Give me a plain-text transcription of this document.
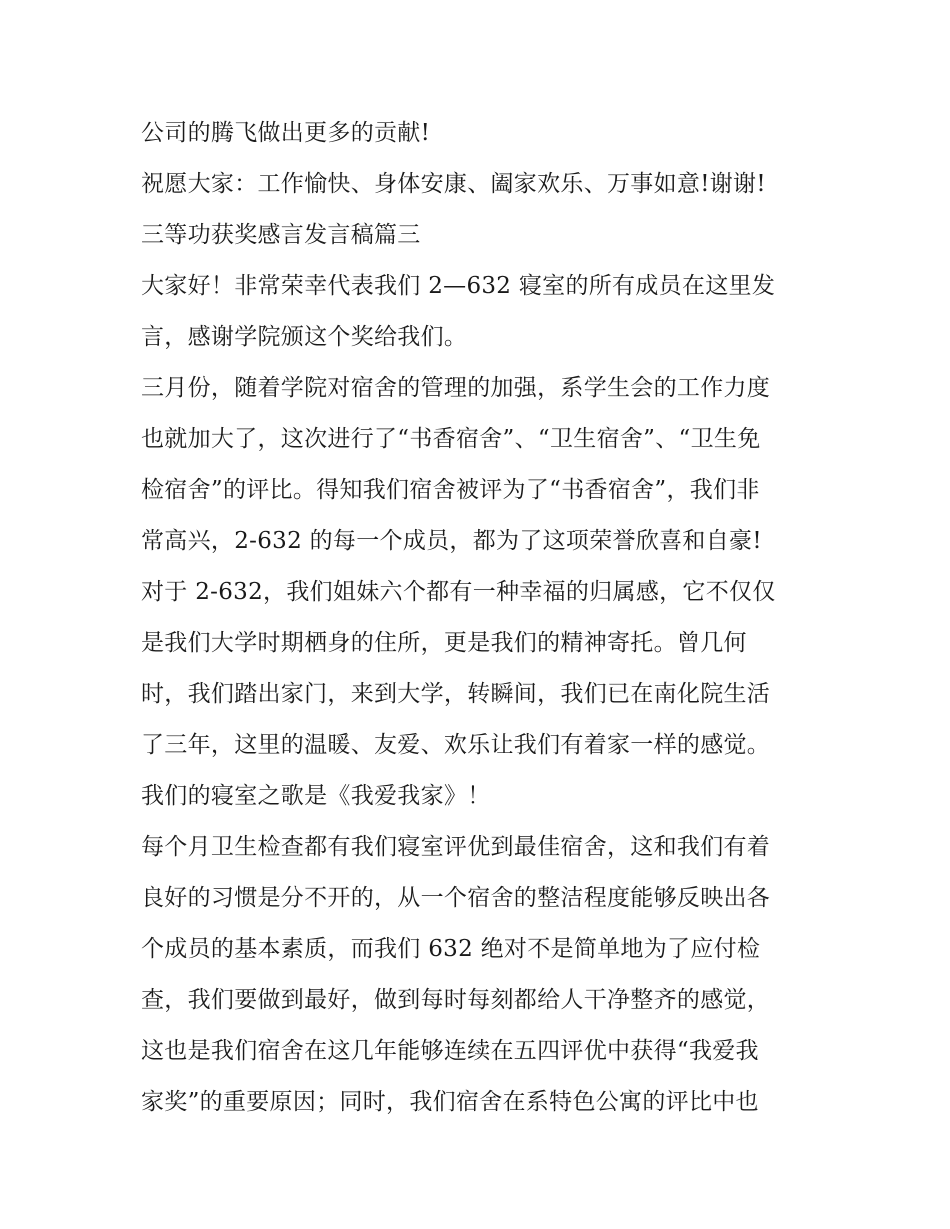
公司的腾飞做出更多的贡献!
祝愿大家：工作愉快、身体安康、阖家欢乐、万事如意!谢谢!
三等功获奖感言发言稿篇三
大家好！非常荣幸代表我们 2—632 寝室的所有成员在这里发
言，感谢学院颁这个奖给我们。
三月份，随着学院对宿舍的管理的加强，系学生会的工作力度
也就加大了，这次进行了“书香宿舍”、“卫生宿舍”、“卫生免
检宿舍”的评比。得知我们宿舍被评为了“书香宿舍”，我们非
常高兴，2-632 的每一个成员，都为了这项荣誉欣喜和自豪!
对于 2-632，我们姐妹六个都有一种幸福的归属感，它不仅仅
是我们大学时期栖身的住所，更是我们的精神寄托。曾几何
时，我们踏出家门，来到大学，转瞬间，我们已在南化院生活
了三年，这里的温暖、友爱、欢乐让我们有着家一样的感觉。
我们的寝室之歌是《我爱我家》！
每个月卫生检查都有我们寝室评优到最佳宿舍，这和我们有着
良好的习惯是分不开的，从一个宿舍的整洁程度能够反映出各
个成员的基本素质，而我们 632 绝对不是简单地为了应付检
查，我们要做到最好，做到每时每刻都给人干净整齐的感觉，
这也是我们宿舍在这几年能够连续在五四评优中获得“我爱我
家奖”的重要原因；同时，我们宿舍在系特色公寓的评比中也
